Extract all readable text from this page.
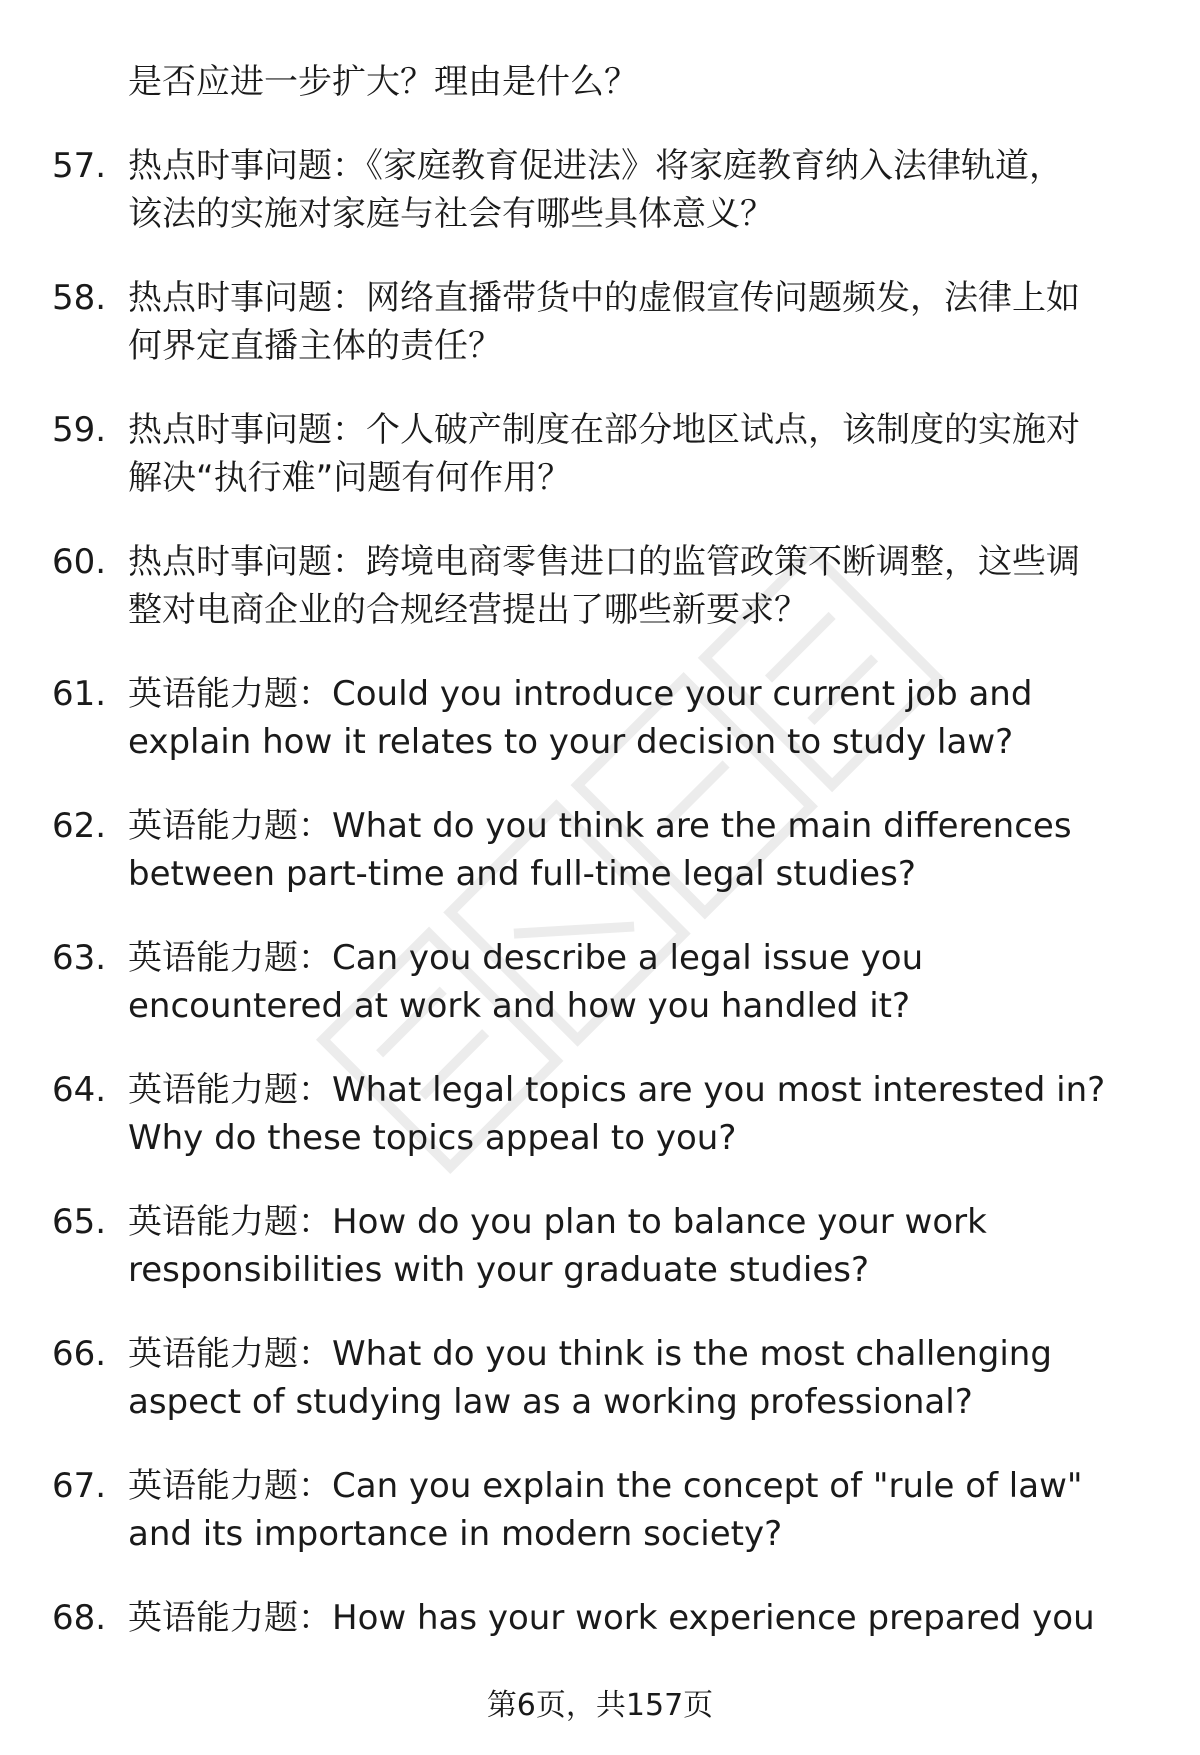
是否应进一步扩大？理由是什么？
57. 热点时事问题：《家庭教育促进法》将家庭教育纳入法律轨道，
该法的实施对家庭与社会有哪些具体意义？
58. 热点时事问题：网络直播带货中的虚假宣传问题频发，法律上如
何界定直播主体的责任？
59. 热点时事问题：个人破产制度在部分地区试点，该制度的实施对
解决“执行难”问题有何作用？
60. 热点时事问题：跨境电商零售进口的监管政策不断调整，这些调
整对电商企业的合规经营提出了哪些新要求？
61. 英语能力题：Could you introduce your current job and
explain how it relates to your decision to study law?
62. 英语能力题：What do you think are the main differences
between part-time and full-time legal studies?
63. 英语能力题：Can you describe a legal issue you
encountered at work and how you handled it?
64. 英语能力题：What legal topics are you most interested in?
Why do these topics appeal to you?
65. 英语能力题：How do you plan to balance your work
responsibilities with your graduate studies?
66. 英语能力题：What do you think is the most challenging
aspect of studying law as a working professional?
67. 英语能力题：Can you explain the concept of "rule of law"
and its importance in modern society?
68. 英语能力题：How has your work experience prepared you
第6页，共157页
